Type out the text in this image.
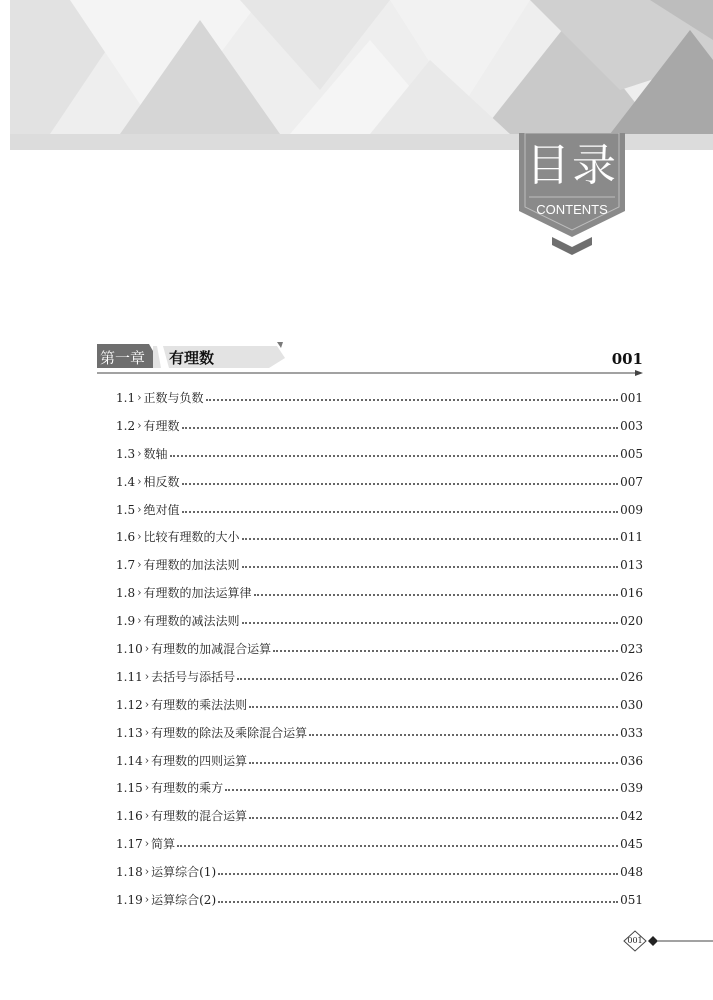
目录
CONTENTS
第一章 有理数	001
1.1 › 正数与负数	001
1.2 › 有理数	003
1.3 › 数轴	005
1.4 › 相反数	007
1.5 › 绝对值	009
1.6 › 比较有理数的大小	011
1.7 › 有理数的加法法则	013
1.8 › 有理数的加法运算律	016
1.9 › 有理数的减法法则	020
1.10 › 有理数的加减混合运算	023
1.11 › 去括号与添括号	026
1.12 › 有理数的乘法法则	030
1.13 › 有理数的除法及乘除混合运算	033
1.14 › 有理数的四则运算	036
1.15 › 有理数的乘方	039
1.16 › 有理数的混合运算	042
1.17 › 简算	045
1.18 › 运算综合(1)	048
1.19 › 运算综合(2)	051
001
